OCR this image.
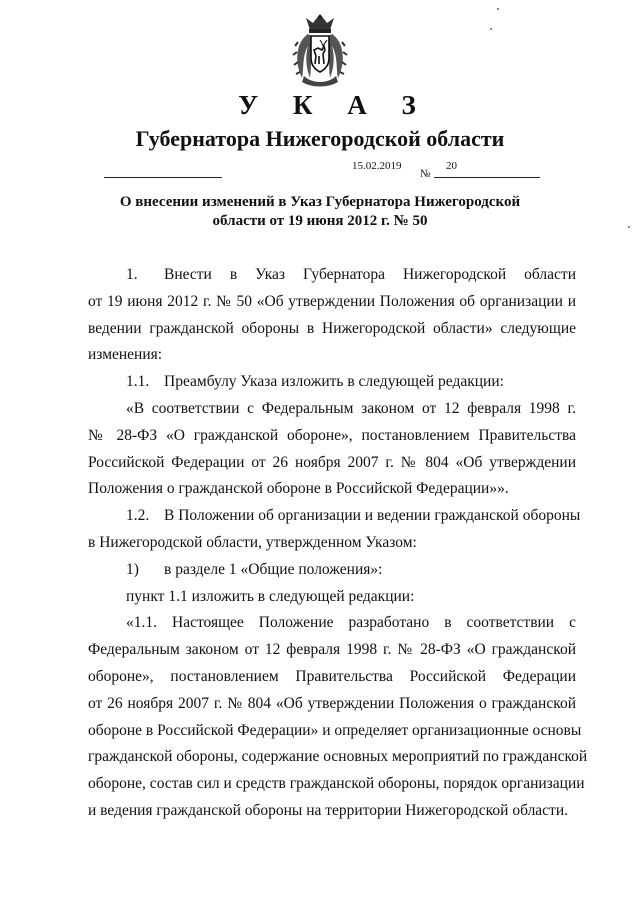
У К А З
Губернатора Нижегородской области
15.02.2019
№
20
О внесении изменений в Указ Губернатора Нижегородской
области от 19 июня 2012 г. № 50
1. Внести в Указ Губернатора Нижегородской области
от 19 июня 2012 г. № 50 «Об утверждении Положения об организации и
ведении гражданской обороны в Нижегородской области» следующие
изменения:
1.1. Преамбулу Указа изложить в следующей редакции:
«В соответствии с Федеральным законом от 12 февраля 1998 г.
№ 28-ФЗ «О гражданской обороне», постановлением Правительства
Российской Федерации от 26 ноября 2007 г. № 804 «Об утверждении
Положения о гражданской обороне в Российской Федерации»».
1.2. В Положении об организации и ведении гражданской обороны
в Нижегородской области, утвержденном Указом:
1) в разделе 1 «Общие положения»:
пункт 1.1 изложить в следующей редакции:
«1.1. Настоящее Положение разработано в соответствии с
Федеральным законом от 12 февраля 1998 г. № 28-ФЗ «О гражданской
обороне», постановлением Правительства Российской Федерации
от 26 ноября 2007 г. № 804 «Об утверждении Положения о гражданской
обороне в Российской Федерации» и определяет организационные основы
гражданской обороны, содержание основных мероприятий по гражданской
обороне, состав сил и средств гражданской обороны, порядок организации
и ведения гражданской обороны на территории Нижегородской области.
